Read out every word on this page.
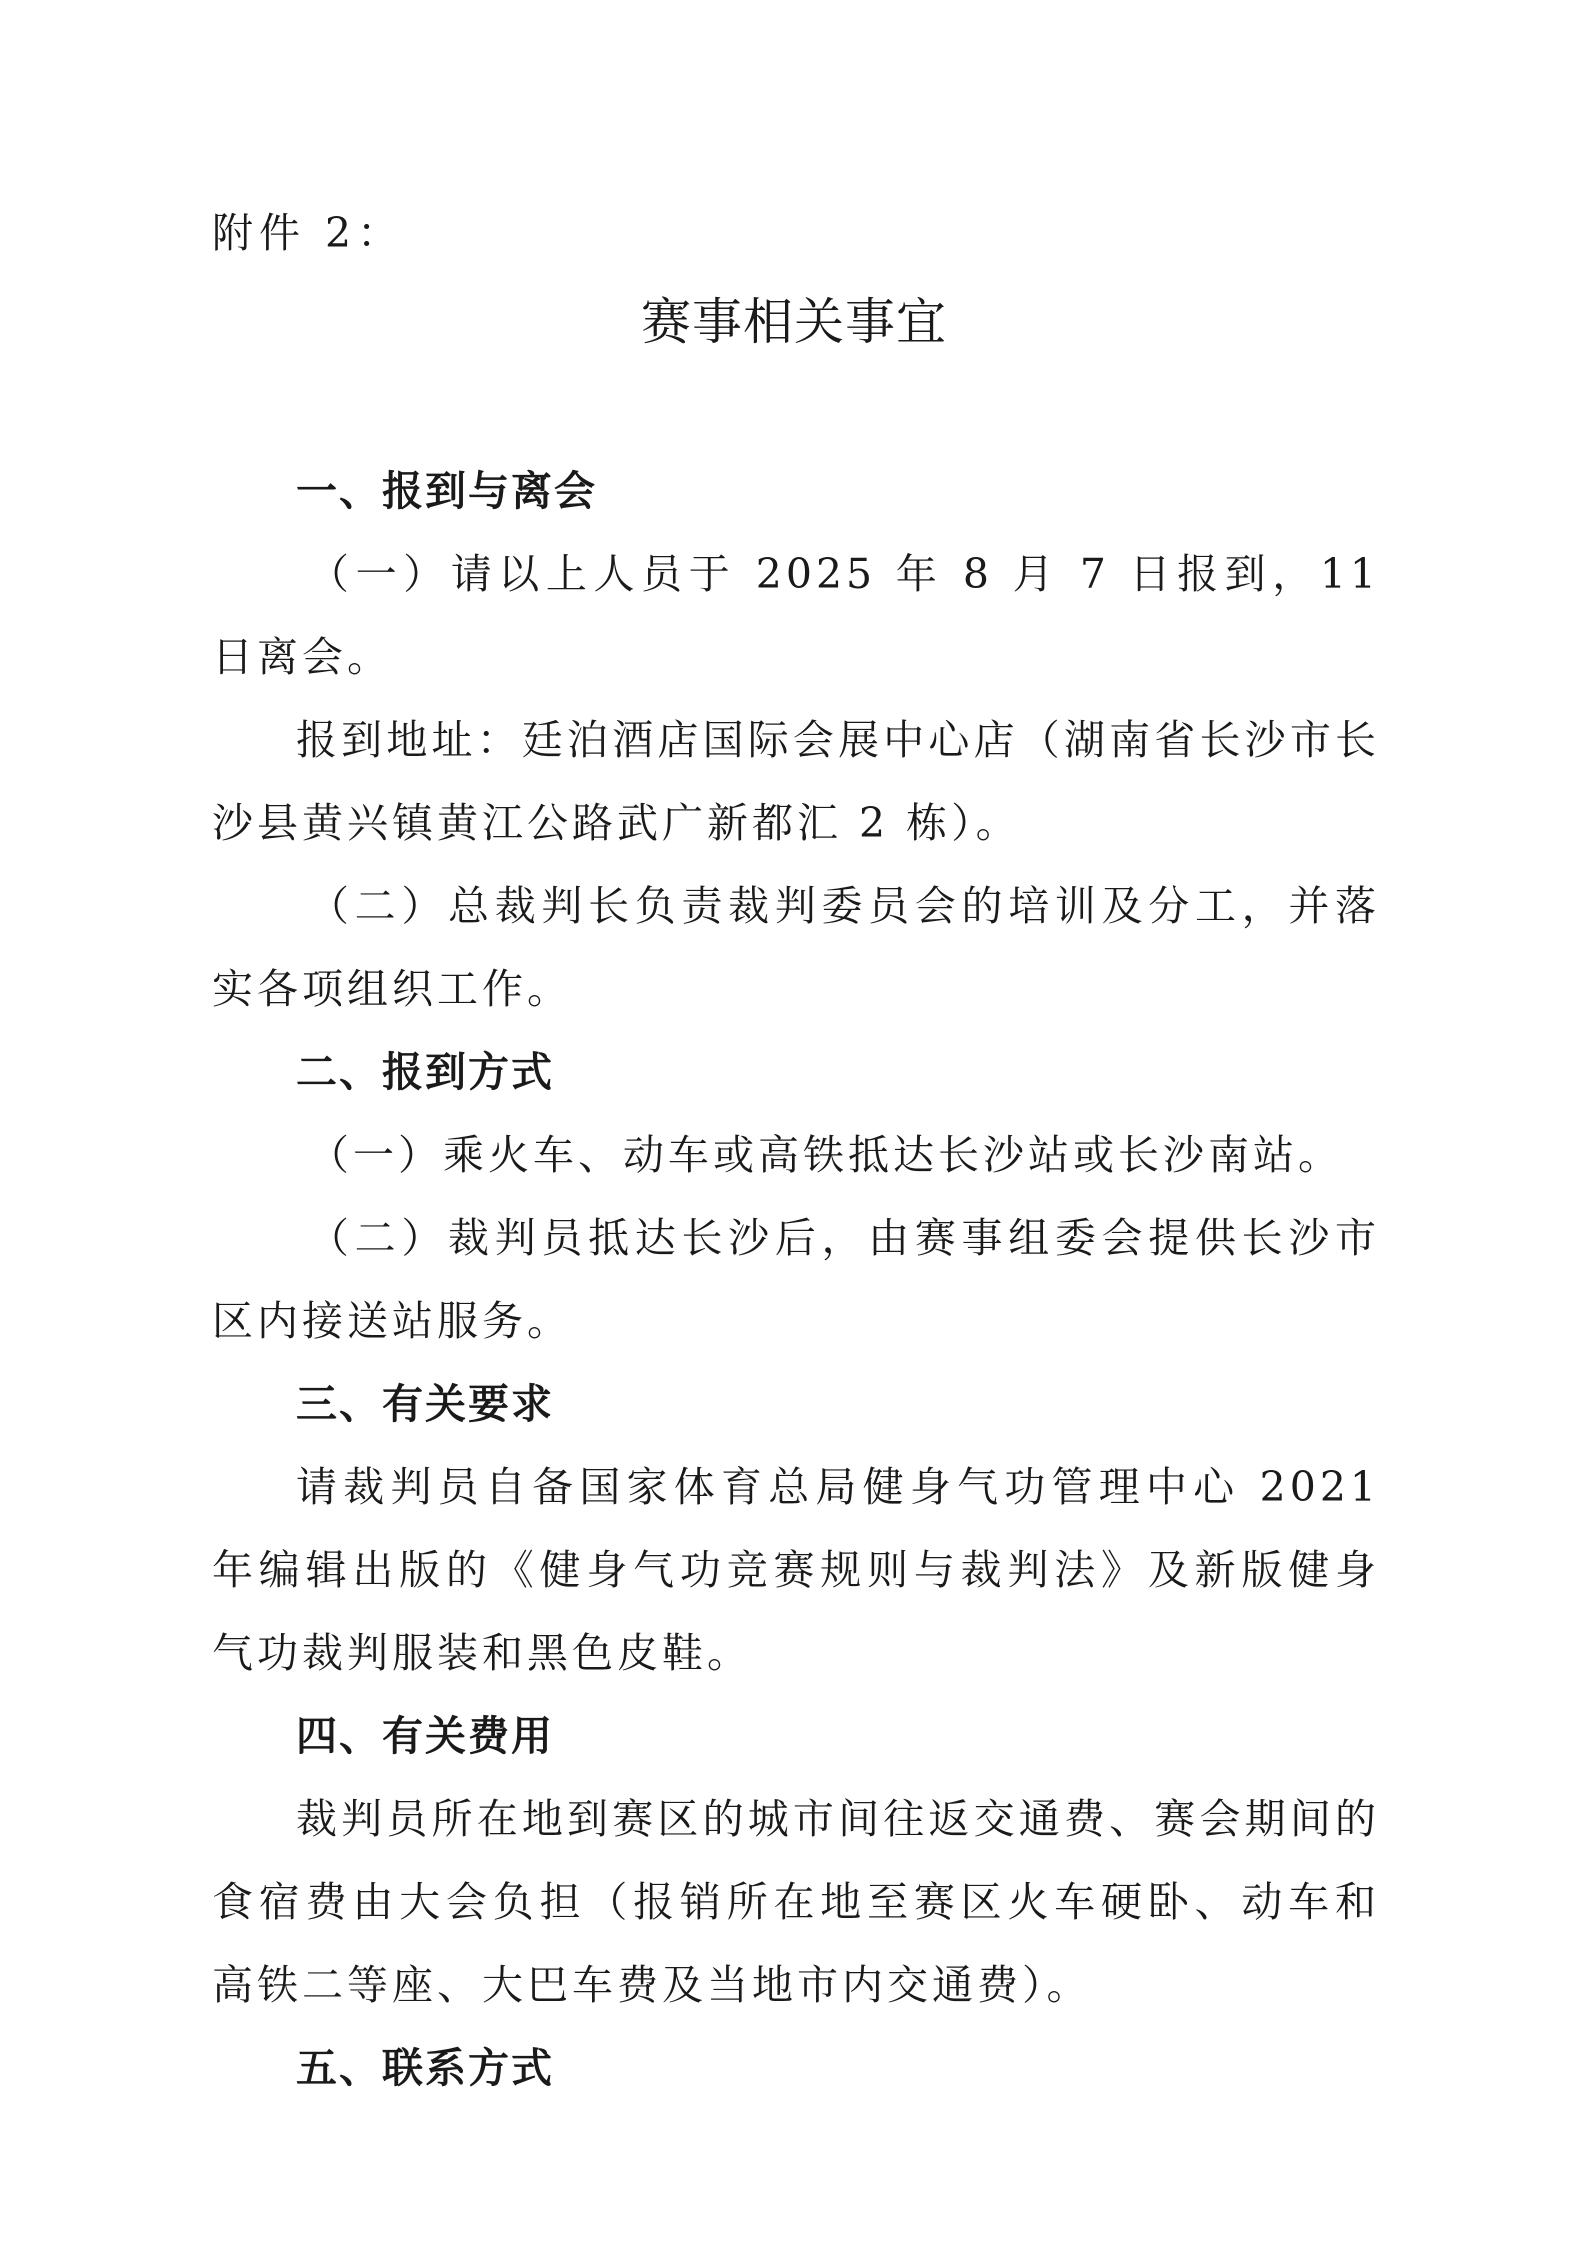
附件 2：
赛事相关事宜

一、报到与离会

（一）请以上人员于 2025 年 8 月 7 日报到，11 日离会。

报到地址：廷泊酒店国际会展中心店（湖南省长沙市长沙县黄兴镇黄江公路武广新都汇 2 栋）。

（二）总裁判长负责裁判委员会的培训及分工，并落实各项组织工作。

二、报到方式

（一）乘火车、动车或高铁抵达长沙站或长沙南站。

（二）裁判员抵达长沙后，由赛事组委会提供长沙市区内接送站服务。

三、有关要求

请裁判员自备国家体育总局健身气功管理中心 2021 年编辑出版的《健身气功竞赛规则与裁判法》及新版健身气功裁判服装和黑色皮鞋。

四、有关费用

裁判员所在地到赛区的城市间往返交通费、赛会期间的食宿费由大会负担（报销所在地至赛区火车硬卧、动车和高铁二等座、大巴车费及当地市内交通费）。

五、联系方式
